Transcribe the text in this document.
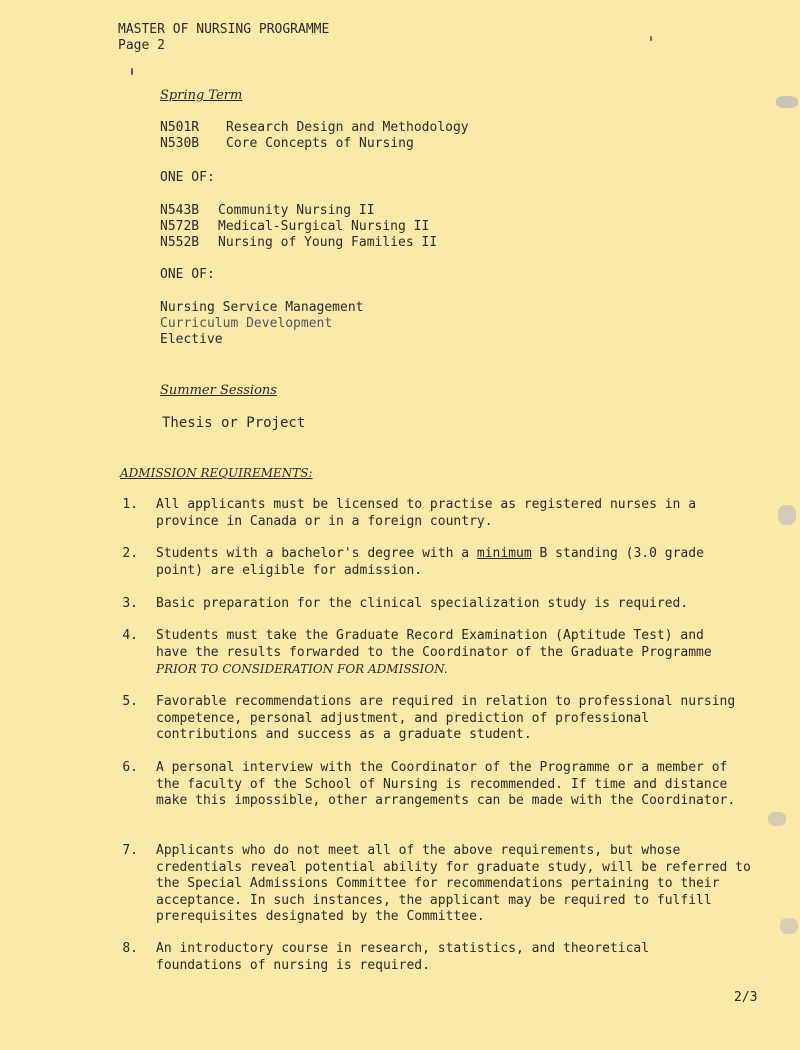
MASTER OF NURSING PROGRAMME
Page 2
Spring Term
N501R Research Design and Methodology
N530B Core Concepts of Nursing
ONE OF:
N543B Community Nursing II
N572B Medical-Surgical Nursing II
N552B Nursing of Young Families II
ONE OF:
Nursing Service Management
Curriculum Development
Elective
Summer Sessions
Thesis or Project
ADMISSION REQUIREMENTS:
1. All applicants must be licensed to practise as registered nurses in a province in Canada or in a foreign country.
2. Students with a bachelor's degree with a minimum B standing (3.0 grade point) are eligible for admission.
3. Basic preparation for the clinical specialization study is required.
4. Students must take the Graduate Record Examination (Aptitude Test) and have the results forwarded to the Coordinator of the Graduate Programme PRIOR TO CONSIDERATION FOR ADMISSION.
5. Favorable recommendations are required in relation to professional nursing competence, personal adjustment, and prediction of professional contributions and success as a graduate student.
6. A personal interview with the Coordinator of the Programme or a member of the faculty of the School of Nursing is recommended. If time and distance make this impossible, other arrangements can be made with the Coordinator.
7. Applicants who do not meet all of the above requirements, but whose credentials reveal potential ability for graduate study, will be referred to the Special Admissions Committee for recommendations pertaining to their acceptance. In such instances, the applicant may be required to fulfill prerequisites designated by the Committee.
8. An introductory course in research, statistics, and theoretical foundations of nursing is required.
2/3
